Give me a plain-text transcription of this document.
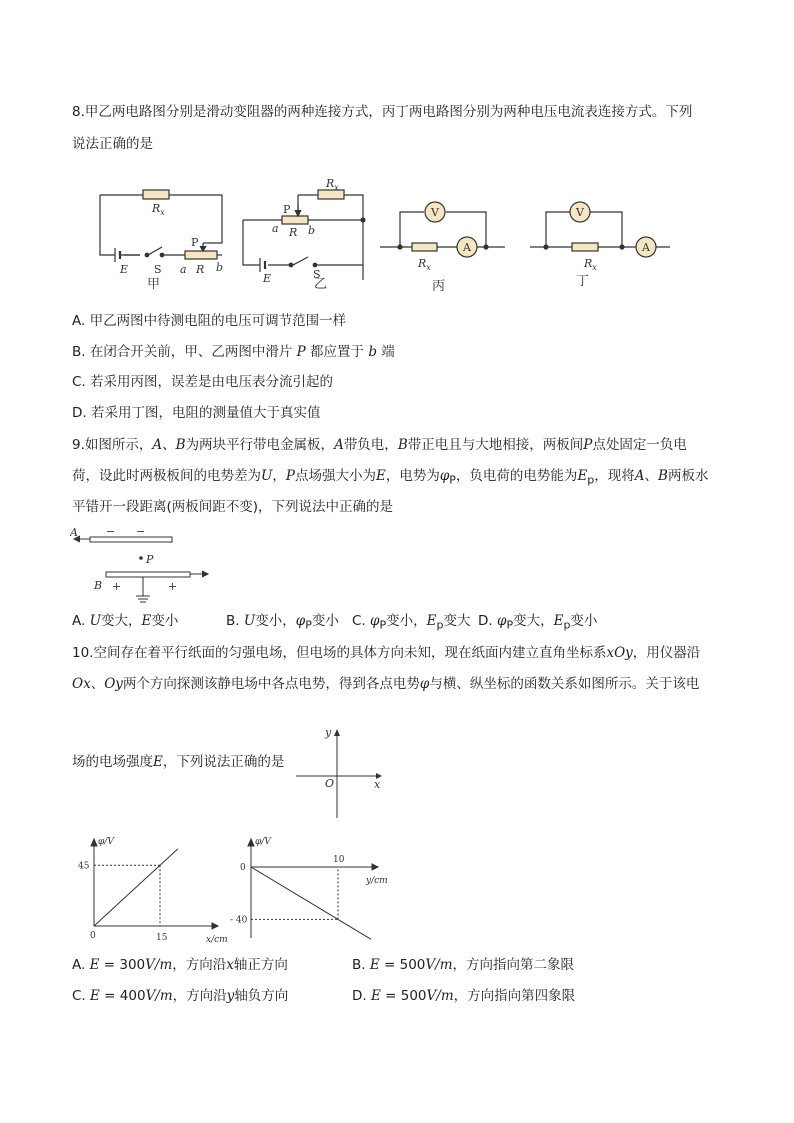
8.甲乙两电路图分别是滑动变阻器的两种连接方式，丙丁两电路图分别为两种电压电流表连接方式。下列
说法正确的是
$R_x$
E S
P
a R b
$R_x$
P
a R b
E	S
$R_x$
V
A
$R_x$
V
A
甲	乙	丙	丁
A. 甲乙两图中待测电阻的电压可调节范围一样
B. 在闭合开关前，甲、乙两图中滑片 P 都应置于 b 端
C. 若采用丙图，误差是由电压表分流引起的
D. 若采用丁图，电阻的测量值大于真实值
9.如图所示，A、B为两块平行带电金属板，A带负电，B带正电且与大地相接，两板间P点处固定一负电
荷，设此时两极板间的电势差为U，P点场强大小为E，电势为$\varphi_P$，负电荷的电势能为$E_p$，现将A、B两板水
平错开一段距离(两板间距不变)，下列说法中正确的是
A	− −
P
B +	+
A. U变大，E变小	B. U变小，$\varphi_P$变小 C. $\varphi_P$变小，$E_p$变大 D. $\varphi_P$变大，$E_p$变小
10.空间存在着平行纸面的匀强电场，但电场的具体方向未知，现在纸面内建立直角坐标系xOy，用仪器沿
Ox、Oy两个方向探测该静电场中各点电势，得到各点电势φ与横、纵坐标的函数关系如图所示。关于该电
场的电场强度E，下列说法正确的是
x
y
O
φ/V
x/cm
0	15
45
φ/V
y/cm
10
0
- 40
A. E = 300V/m，方向沿x轴正方向	B. E = 500V/m，方向指向第二象限
C. E = 400V/m，方向沿y轴负方向	D. E = 500V/m，方向指向第四象限
